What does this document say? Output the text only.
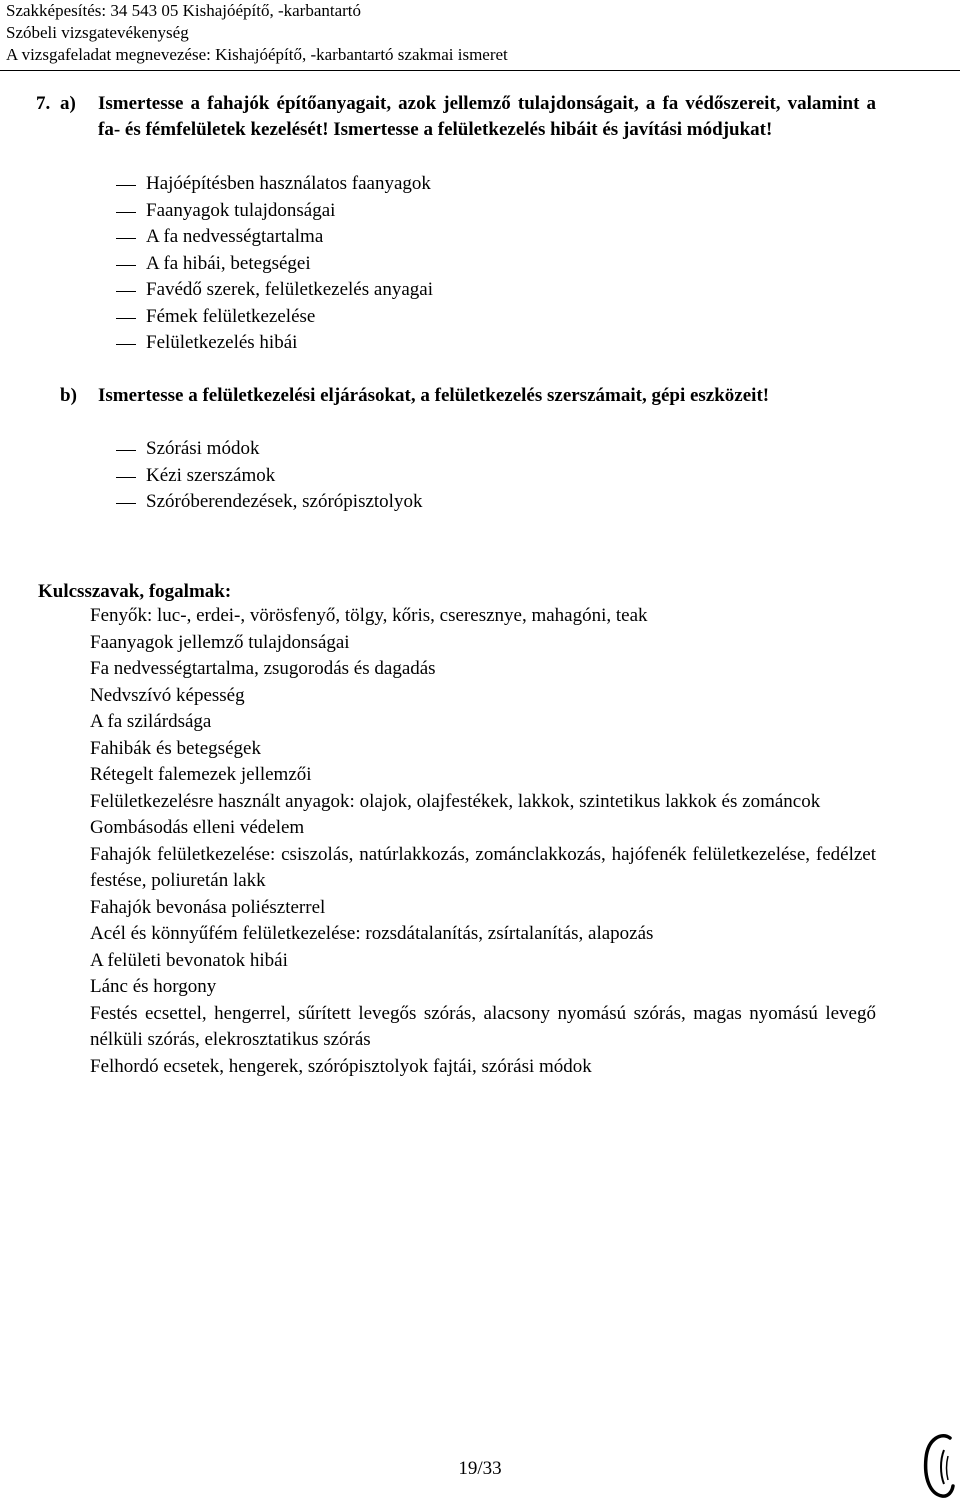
Szakképesítés: 34 543 05 Kishajóépítő, -karbantartó
Szóbeli vizsgatevékenység
A vizsgafeladat megnevezése: Kishajóépítő, -karbantartó szakmai ismeret
7. a) Ismertesse a fahajók építőanyagait, azok jellemző tulajdonságait, a fa védőszereit, valamint a fa- és fémfelületek kezelését! Ismertesse a felületkezelés hibáit és javítási módjukat!
Hajóépítésben használatos faanyagok
Faanyagok tulajdonságai
A fa nedvességtartalma
A fa hibái, betegségei
Favédő szerek, felületkezelés anyagai
Fémek felületkezelése
Felületkezelés hibái
b) Ismertesse a felületkezelési eljárásokat, a felületkezelés szerszámait, gépi eszközeit!
Szórási módok
Kézi szerszámok
Szóróberendezések, szórópisztolyok
Kulcsszavak, fogalmak:
Fenyők: luc-, erdei-, vörösfenyő, tölgy, kőris, cseresznye, mahagóni, teak
Faanyagok jellemző tulajdonságai
Fa nedvességtartalma, zsugorodás és dagadás
Nedvszívó képesség
A fa szilárdsága
Fahibák és betegségek
Rétegelt falemezek jellemzői
Felületkezelésre használt anyagok: olajok, olajfestékek, lakkok, szintetikus lakkok és zománcok
Gombásodás elleni védelem
Fahajók felületkezelése: csiszolás, natúrlakkozás, zománclakkozás, hajófenék felületkezelése, fedélzet festése, poliuretán lakk
Fahajók bevonása poliészterrel
Acél és könnyűfém felületkezelése: rozsdátalanítás, zsírtalanítás, alapozás
A felületi bevonatok hibái
Lánc és horgony
Festés ecsettel, hengerrel, sűrített levegős szórás, alacsony nyomású szórás, magas nyomású levegő nélküli szórás, elekrosztatikus szórás
Felhordó ecsetek, hengerek, szórópisztolyok fajtái, szórási módok
19/33
